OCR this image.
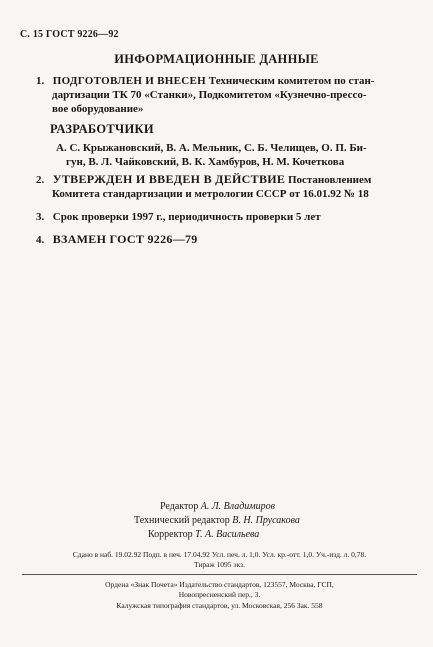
С. 15 ГОСТ 9226—92
ИНФОРМАЦИОННЫЕ ДАННЫЕ
1. ПОДГОТОВЛЕН И ВНЕСЕН Техническим комитетом по стан-
дартизации ТК 70 «Станки», Подкомитетом «Кузнечно-прессо-
вое оборудование»
РАЗРАБОТЧИКИ
А. С. Крыжановский, В. А. Мельник, С. Б. Челищев, О. П. Би-
гун, В. Л. Чайковский, В. К. Хамбуров, Н. М. Кочеткова
2. УТВЕРЖДЕН И ВВЕДЕН В ДЕЙСТВИЕ Постановлением
Комитета стандартизации и метрологии СССР от 16.01.92 № 18
3. Срок проверки 1997 г., периодичность проверки 5 лет
4. ВЗАМЕН ГОСТ 9226—79
Редактор А. Л. Владимиров
Технический редактор В. Н. Прусакова
Корректор Т. А. Васильева
Сдано в наб. 19.02.92 Подп. в печ. 17.04.92 Усл. печ. л. 1,0. Усл. кр.-отт. 1,0. Уч.-изд. л. 0,78.
Тираж 1095 экз.
Ордена «Знак Почета» Издательство стандартов, 123557, Москва, ГСП,
Новопресненский пер., 3.
Калужская типография стандартов, ул. Московская, 256 Зак. 558
